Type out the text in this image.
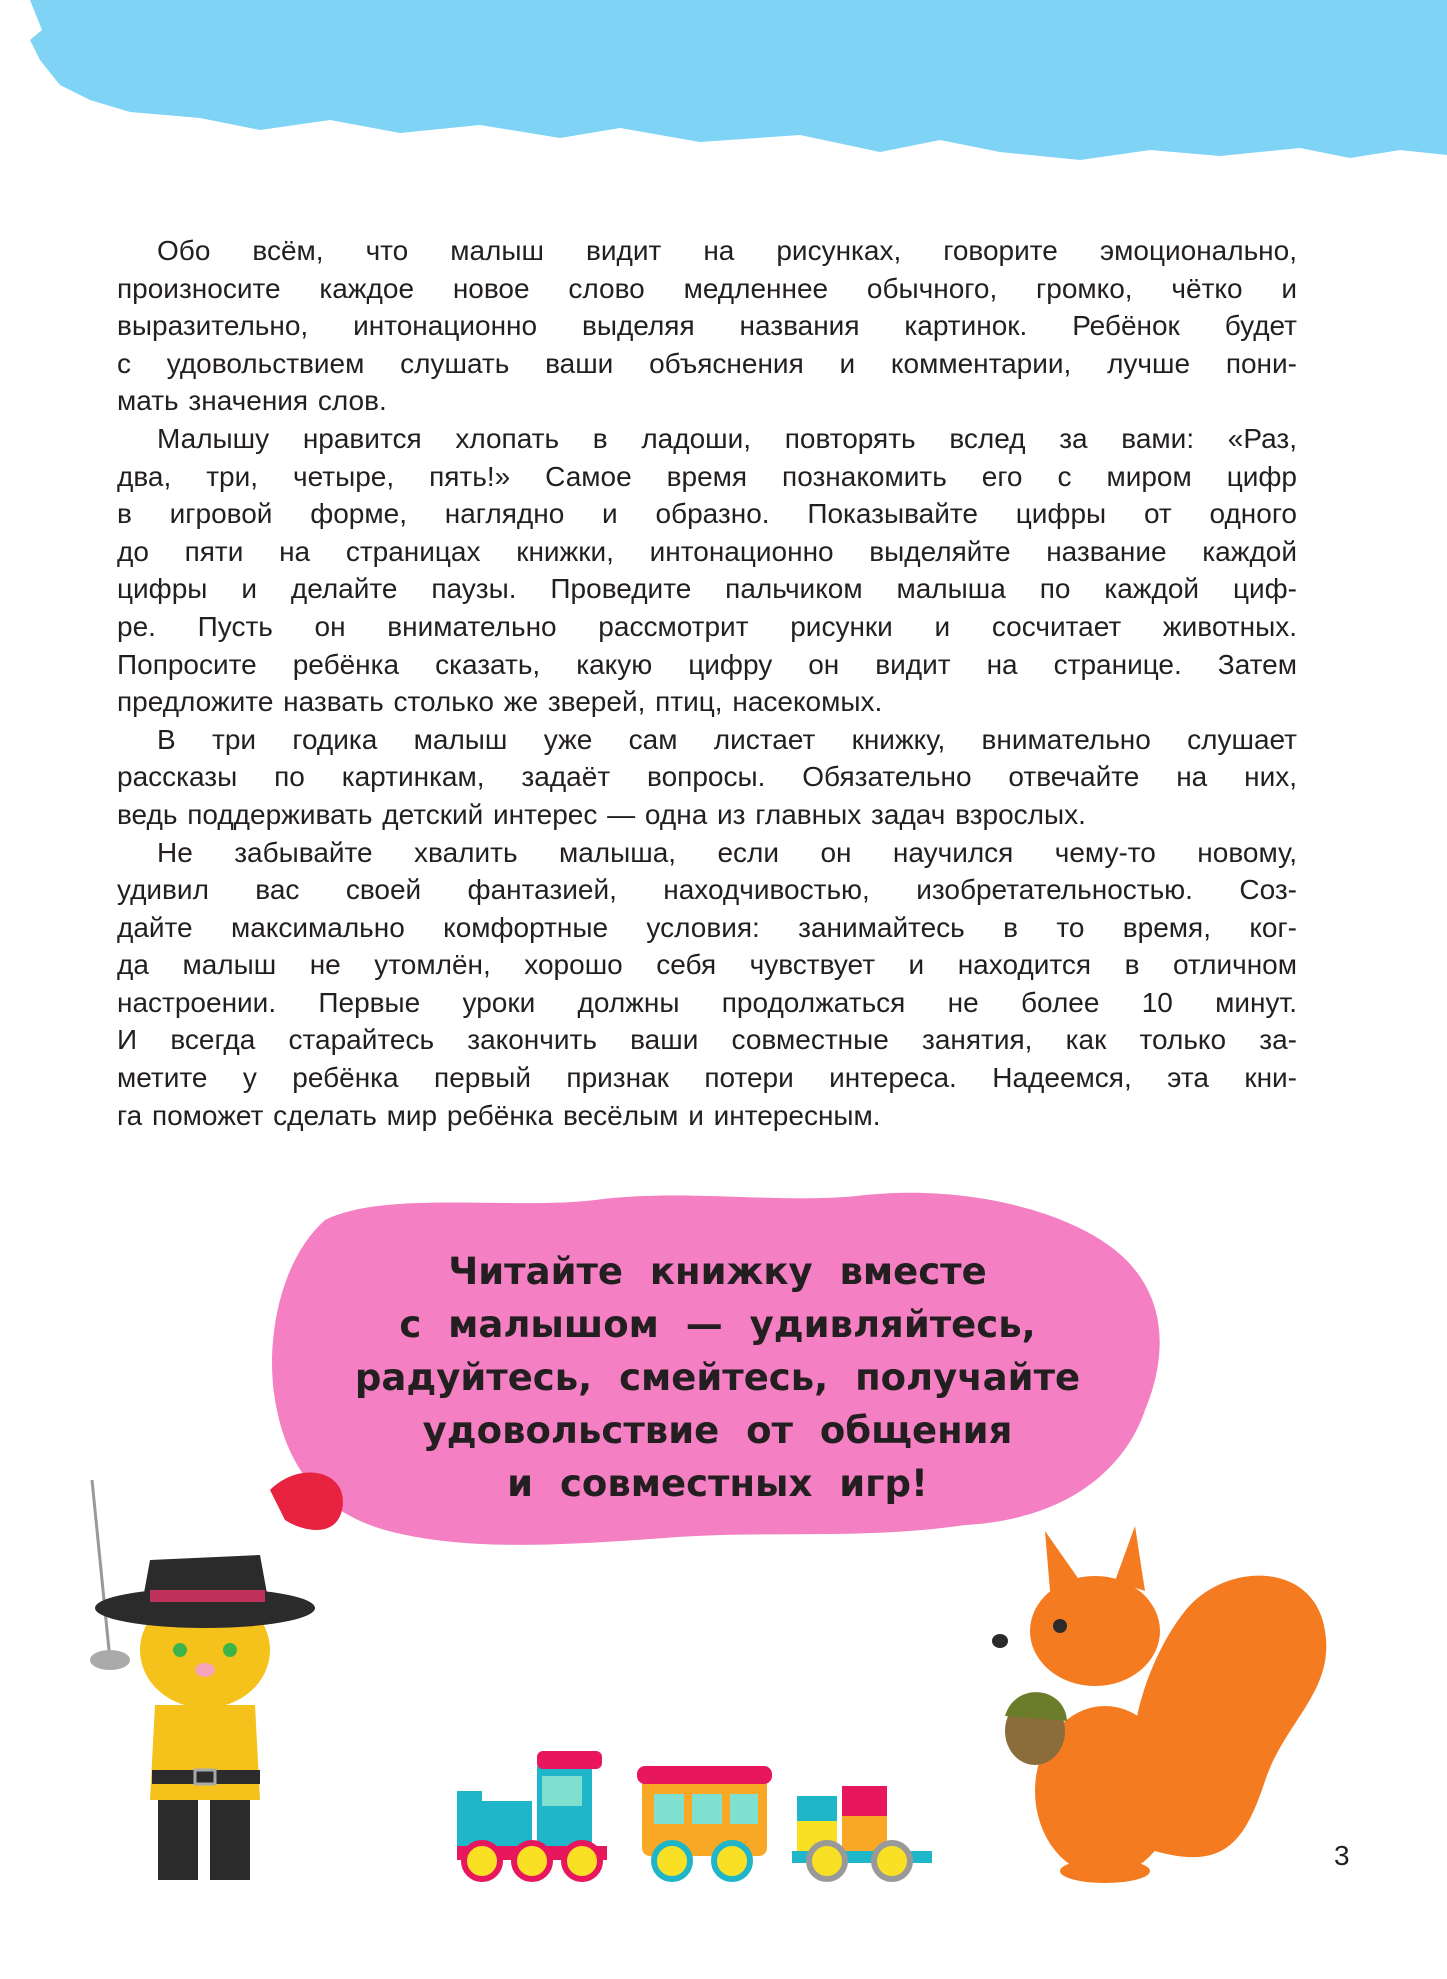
Обо всём, что малыш видит на рисунках, говорите эмоционально,
произносите каждое новое слово медленнее обычного, громко, чётко и
выразительно, интонационно выделяя названия картинок. Ребёнок будет
с удовольствием слушать ваши объяснения и комментарии, лучше пони-
мать значения слов.
Малышу нравится хлопать в ладоши, повторять вслед за вами: «Раз,
два, три, четыре, пять!» Самое время познакомить его с миром цифр
в игровой форме, наглядно и образно. Показывайте цифры от одного
до пяти на страницах книжки, интонационно выделяйте название каждой
цифры и делайте паузы. Проведите пальчиком малыша по каждой циф-
ре. Пусть он внимательно рассмотрит рисунки и сосчитает животных.
Попросите ребёнка сказать, какую цифру он видит на странице. Затем
предложите назвать столько же зверей, птиц, насекомых.
В три годика малыш уже сам листает книжку, внимательно слушает
рассказы по картинкам, задаёт вопросы. Обязательно отвечайте на них,
ведь поддерживать детский интерес — одна из главных задач взрослых.
Не забывайте хвалить малыша, если он научился чему-то новому,
удивил вас своей фантазией, находчивостью, изобретательностью. Соз-
дайте максимально комфортные условия: занимайтесь в то время, ког-
да малыш не утомлён, хорошо себя чувствует и находится в отличном
настроении. Первые уроки должны продолжаться не более 10 минут.
И всегда старайтесь закончить ваши совместные занятия, как только за-
метите у ребёнка первый признак потери интереса. Надеемся, эта кни-
га поможет сделать мир ребёнка весёлым и интересным.
Читайте книжку вместе
с малышом — удивляйтесь,
радуйтесь, смейтесь, получайте
удовольствие от общения
и совместных игр!
3
